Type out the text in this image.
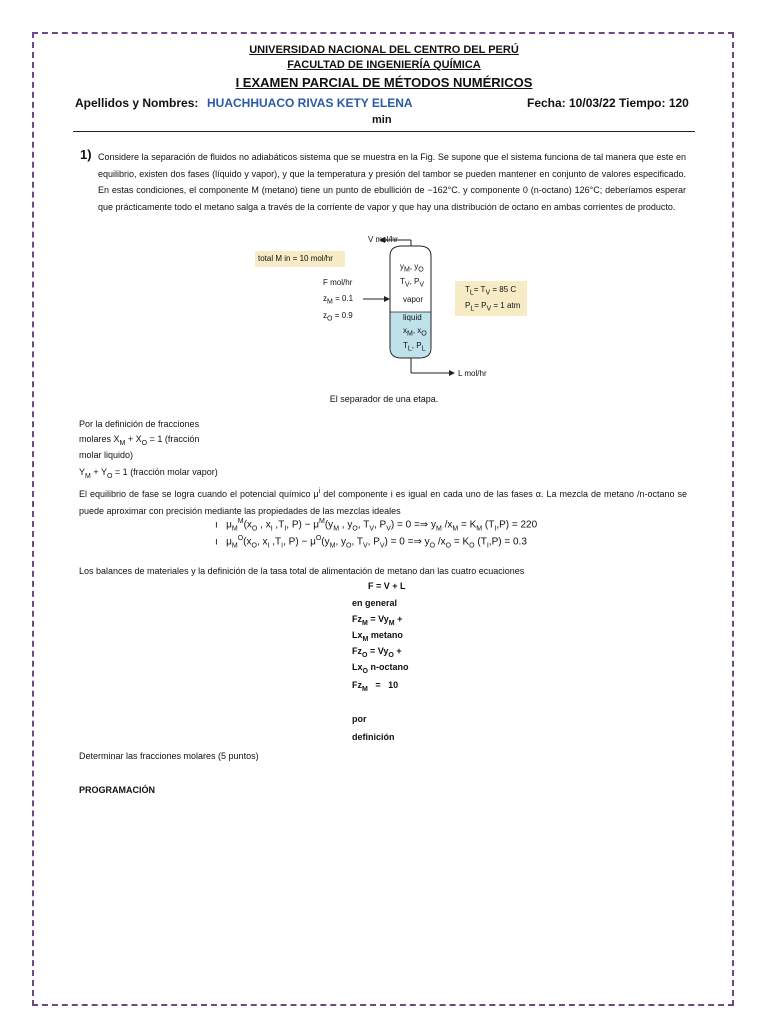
UNIVERSIDAD NACIONAL DEL CENTRO DEL PERÚ
FACULTAD DE INGENIERÍA QUÍMICA
I EXAMEN PARCIAL DE MÉTODOS NUMÉRICOS
Apellidos y Nombres: HUACHHUACO RIVAS KETY ELENA	Fecha: 10/03/22 Tiempo: 120
min
1) Considere la separación de fluidos no adiabáticos sistema que se muestra en la Fig. Se supone que el sistema funciona de tal manera que este en equilibrio, existen dos fases (líquido y vapor), y que la temperatura y presión del tambor se pueden mantener en conjunto de valores especificado. En estas condiciones, el componente M (metano) tiene un punto de ebullición de −162°C. y componente 0 (n-octano) 126°C; deberíamos esperar que prácticamente todo el metano salga a través de la corriente de vapor y que hay una distribución de octano en ambas corrientes de producto.
V mol/hr
total M in = 10 mol/hr
F mol/hr
$z_M = 0.1$
$z_O = 0.9$
$y_M$, $y_O$
$T_V$, $P_V$
vapor
liquid
$x_M$, $x_O$
$T_L$, $P_L$
$T_L= T_V = 85$ C
$P_L= P_V = 1$ atm
L mol/hr
El separador de una etapa.
Por la definición de fracciones
molares $X_M + X_O = 1$ (fracción
molar liquido)
$Y_M + Y_O = 1$ (fracción molar vapor)
El equilibrio de fase se logra cuando el potencial químico $\mu^i$ del componente i es igual en cada uno de las fases α. La mezcla de metano /n-octano se puede aproximar con precisión mediante las propiedades de las mezclas ideales
ı   $\mu_M^M(x_O$ , $x_I$ $,T_I$, $P) - \mu^M(y_M$ , $y_O$, $T_V$, $P_V) = 0$ =⇒ $y_M$ $/x_M = K_M$ $(T_I,P) = 220$
ı   $\mu_M^O(x_O$, $x_I$ $,T_I$, $P) - \mu^O(y_M$, $y_O$, $T_V$, $P_V) = 0$ =⇒ $y_O$ $/x_O = K_O$ $(T_I,P) = 0.3$
Los balances de materiales y la definición de la tasa total de alimentación de metano dan las cuatro ecuaciones
F = V + L
en general
$Fz_M = Vy_M$ +
$Lx_M$ metano
$Fz_O = Vy_O$ +
$Lx_O$ n-octano
$Fz_M = 10$
por
definición
Determinar las fracciones molares (5 puntos)
PROGRAMACIÓN
